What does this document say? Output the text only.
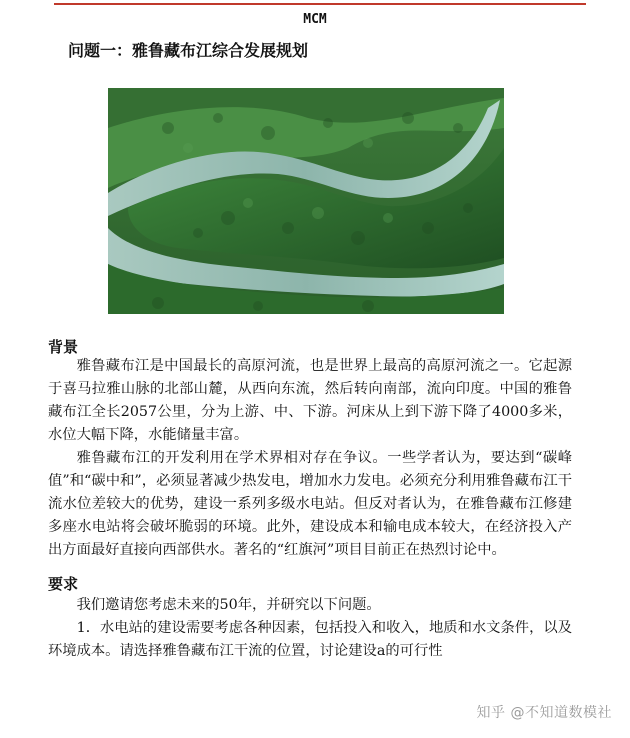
MCM
问题一：雅鲁藏布江综合发展规划
背景

雅鲁藏布江是中国最长的高原河流，也是世界上最高的高原河流之一。它起源于喜马拉雅山脉的北部山麓，从西向东流，然后转向南部，流向印度。中国的雅鲁藏布江全长2057公里，分为上游、中、下游。河床从上到下游下降了4000多米，水位大幅下降，水能储量丰富。

雅鲁藏布江的开发利用在学术界相对存在争议。一些学者认为，要达到“碳峰值”和“碳中和”，必须显著减少热发电，增加水力发电。必须充分利用雅鲁藏布江干流水位差较大的优势，建设一系列多级水电站。但反对者认为，在雅鲁藏布江修建多座水电站将会破坏脆弱的环境。此外，建设成本和输电成本较大，在经济投入产出方面最好直接向西部供水。著名的“红旗河”项目目前正在热烈讨论中。

要求

我们邀请您考虑未来的50年，并研究以下问题。

1．水电站的建设需要考虑各种因素，包括投入和收入，地质和水文条件，以及环境成本。请选择雅鲁藏布江干流的位置，讨论建设a的可行性

知乎 @不知道数模社
